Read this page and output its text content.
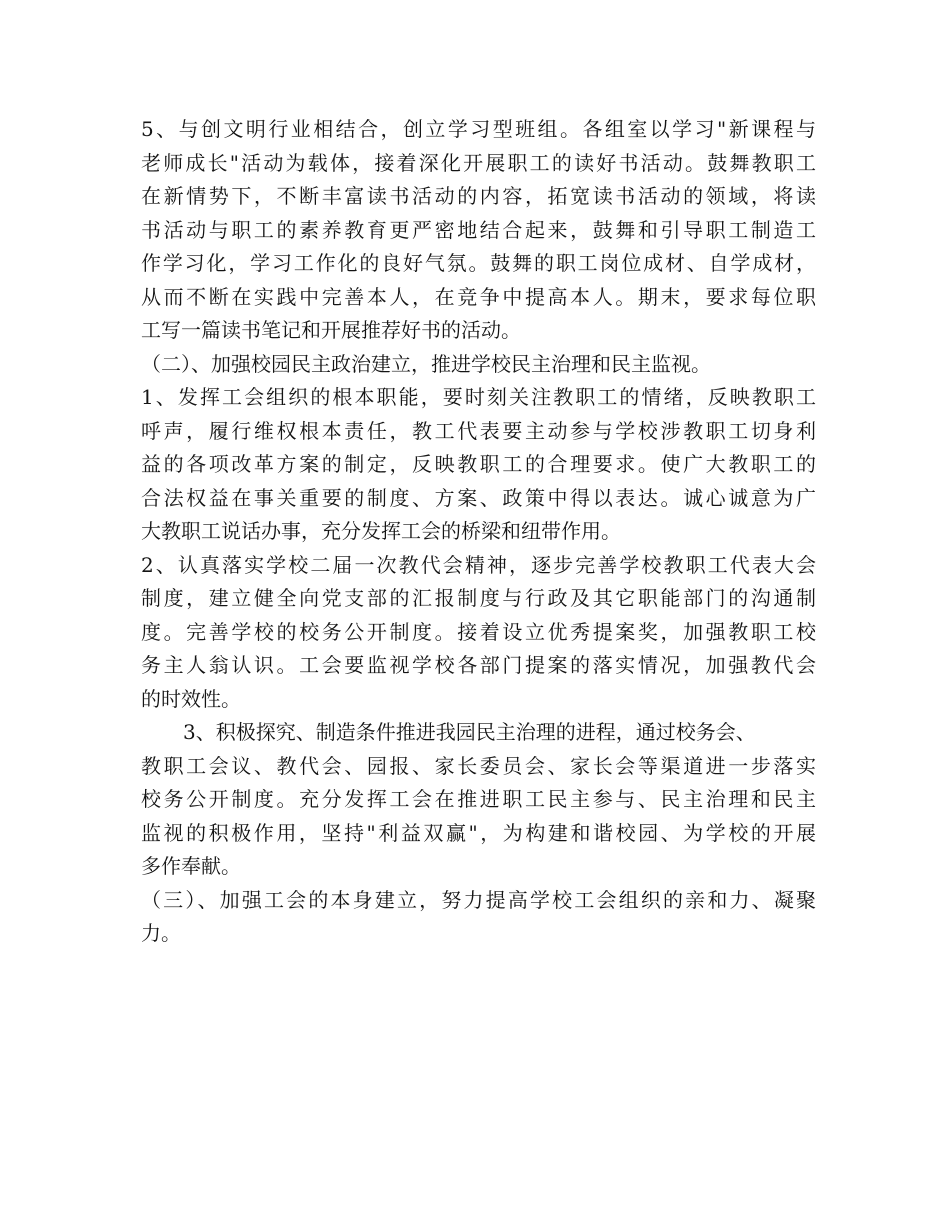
5、与创文明行业相结合，创立学习型班组。各组室以学习"新课程与
老师成长"活动为载体，接着深化开展职工的读好书活动。鼓舞教职工
在新情势下，不断丰富读书活动的内容，拓宽读书活动的领域，将读
书活动与职工的素养教育更严密地结合起来，鼓舞和引导职工制造工
作学习化，学习工作化的良好气氛。鼓舞的职工岗位成材、自学成材，
从而不断在实践中完善本人，在竞争中提高本人。期末，要求每位职
工写一篇读书笔记和开展推荐好书的活动。
（二）、加强校园民主政治建立，推进学校民主治理和民主监视。
1、发挥工会组织的根本职能，要时刻关注教职工的情绪，反映教职工
呼声，履行维权根本责任，教工代表要主动参与学校涉教职工切身利
益的各项改革方案的制定，反映教职工的合理要求。使广大教职工的
合法权益在事关重要的制度、方案、政策中得以表达。诚心诚意为广
大教职工说话办事，充分发挥工会的桥梁和纽带作用。
2、认真落实学校二届一次教代会精神，逐步完善学校教职工代表大会
制度，建立健全向党支部的汇报制度与行政及其它职能部门的沟通制
度。完善学校的校务公开制度。接着设立优秀提案奖，加强教职工校
务主人翁认识。工会要监视学校各部门提案的落实情况，加强教代会
的时效性。
3、积极探究、制造条件推进我园民主治理的进程，通过校务会、
教职工会议、教代会、园报、家长委员会、家长会等渠道进一步落实
校务公开制度。充分发挥工会在推进职工民主参与、民主治理和民主
监视的积极作用，坚持"利益双赢"，为构建和谐校园、为学校的开展
多作奉献。
（三）、加强工会的本身建立，努力提高学校工会组织的亲和力、凝聚
力。
